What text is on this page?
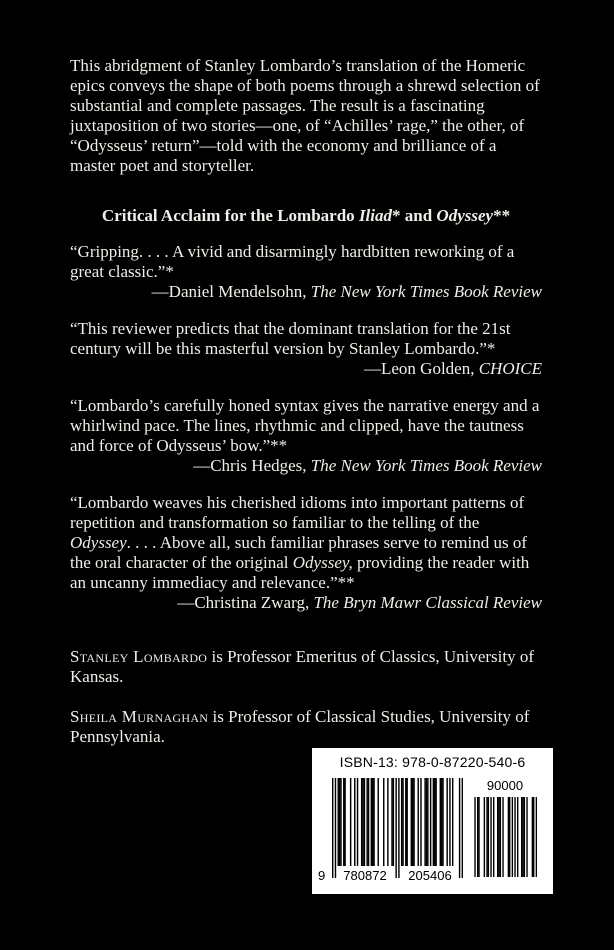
This abridgment of Stanley Lombardo’s translation of the Homeric epics conveys the shape of both poems through a shrewd selection of substantial and complete passages. The result is a fascinating juxtaposition of two stories—one, of “Achilles’ rage,” the other, of “Odysseus’ return”—told with the economy and brilliance of a master poet and storyteller.

Critical Acclaim for the Lombardo Iliad* and Odyssey**

“Gripping. . . . A vivid and disarmingly hardbitten reworking of a great classic.”*

—Daniel Mendelsohn, The New York Times Book Review

“This reviewer predicts that the dominant translation for the 21st century will be this masterful version by Stanley Lombardo.”*

—Leon Golden, CHOICE

“Lombardo’s carefully honed syntax gives the narrative energy and a whirlwind pace. The lines, rhythmic and clipped, have the tautness and force of Odysseus’ bow.”**

—Chris Hedges, The New York Times Book Review

“Lombardo weaves his cherished idioms into important patterns of repetition and transformation so familiar to the telling of the Odyssey. . . . Above all, such familiar phrases serve to remind us of the oral character of the original Odyssey, providing the reader with an uncanny immediacy and relevance.”**

—Christina Zwarg, The Bryn Mawr Classical Review

Stanley Lombardo is Professor Emeritus of Classics, University of Kansas.

Sheila Murnaghan is Professor of Classical Studies, University of Pennsylvania.

ISBN-13: 978-0-87220-540-6
9	780872	205406
90000
